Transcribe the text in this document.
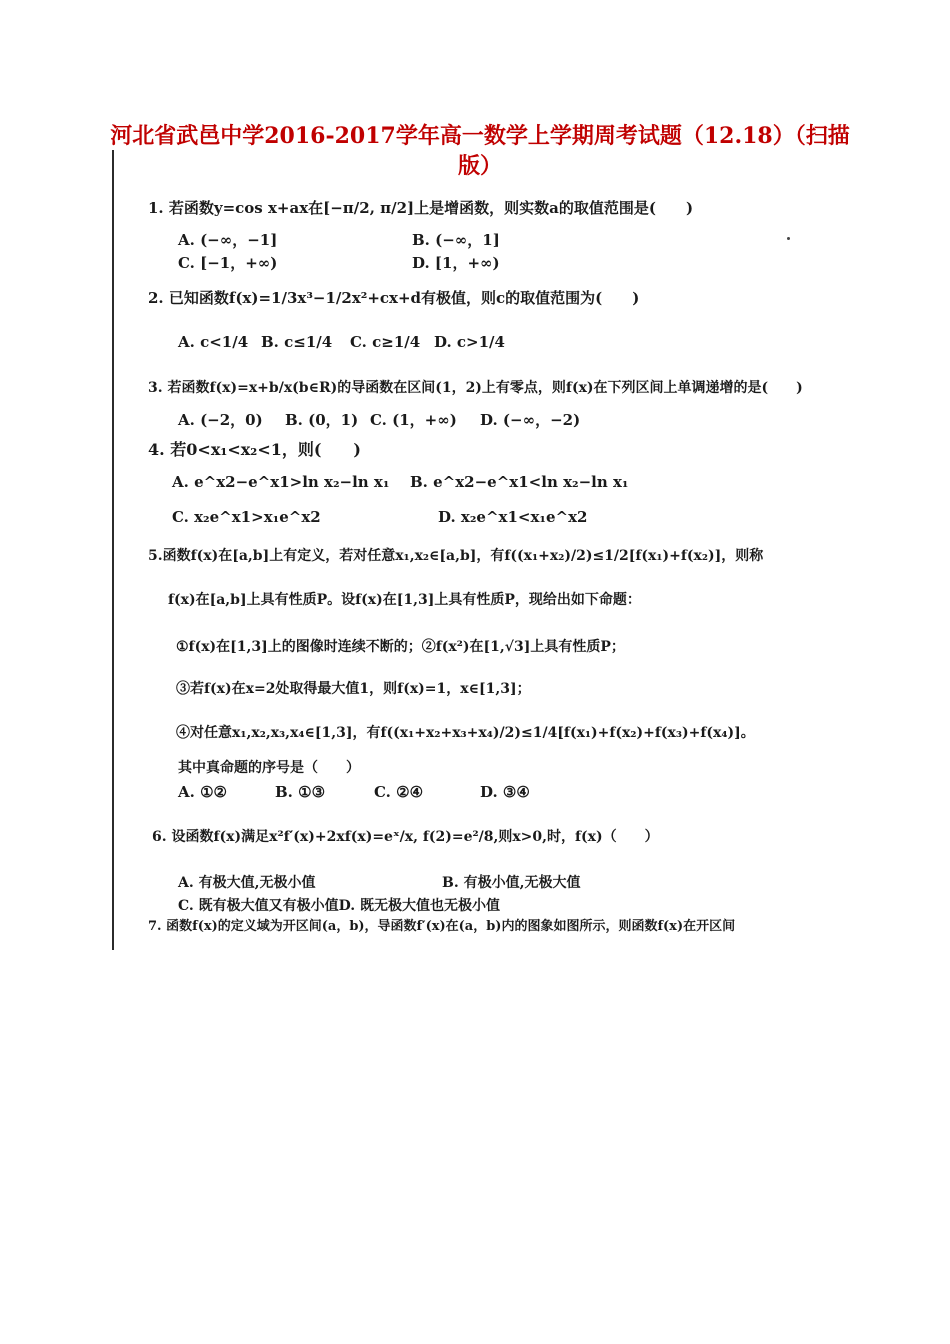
河北省武邑中学2016-2017学年高一数学上学期周考试题（12.18）（扫描版）
1. 若函数y=cos x+ax在[−π/2, π/2]上是增函数，则实数a的取值范围是(　　)
A. (−∞，−1]	B. (−∞，1]
C. [−1，+∞)	D. [1，+∞)
2. 已知函数f(x)=1/3x³−1/2x²+cx+d有极值，则c的取值范围为(　　)
A. c<1/4 B. c≤1/4 C. c≥1/4 D. c>1/4
3. 若函数f(x)=x+b/x(b∈R)的导函数在区间(1，2)上有零点，则f(x)在下列区间上单调递增的是(　　)
A. (−2，0) B. (0，1) C. (1，+∞) D. (−∞，−2)
4. 若0<x₁<x₂<1，则(　　)
A. e^x2−e^x1>ln x₂−ln x₁ B. e^x2−e^x1<ln x₂−ln x₁
C. x₂e^x1>x₁e^x2	D. x₂e^x1<x₁e^x2
5.函数f(x)在[a,b]上有定义，若对任意x₁,x₂∈[a,b]，有f((x₁+x₂)/2)≤1/2[f(x₁)+f(x₂)]，则称
f(x)在[a,b]上具有性质P。设f(x)在[1,3]上具有性质P，现给出如下命题：
①f(x)在[1,3]上的图像时连续不断的；②f(x²)在[1,√3]上具有性质P；
③若f(x)在x=2处取得最大值1，则f(x)=1，x∈[1,3]；
④对任意x₁,x₂,x₃,x₄∈[1,3]，有f((x₁+x₂+x₃+x₄)/2)≤1/4[f(x₁)+f(x₂)+f(x₃)+f(x₄)]。
其中真命题的序号是（　　）
A. ①②	B. ①③	C. ②④	D. ③④
6. 设函数f(x)满足x²f′(x)+2xf(x)=eˣ/x, f(2)=e²/8,则x>0,时，f(x)（　　）
A. 有极大值,无极小值	B. 有极小值,无极大值
C. 既有极大值又有极小值D. 既无极大值也无极小值
7. 函数f(x)的定义域为开区间(a，b)，导函数f′(x)在(a，b)内的图象如图所示，则函数f(x)在开区间
